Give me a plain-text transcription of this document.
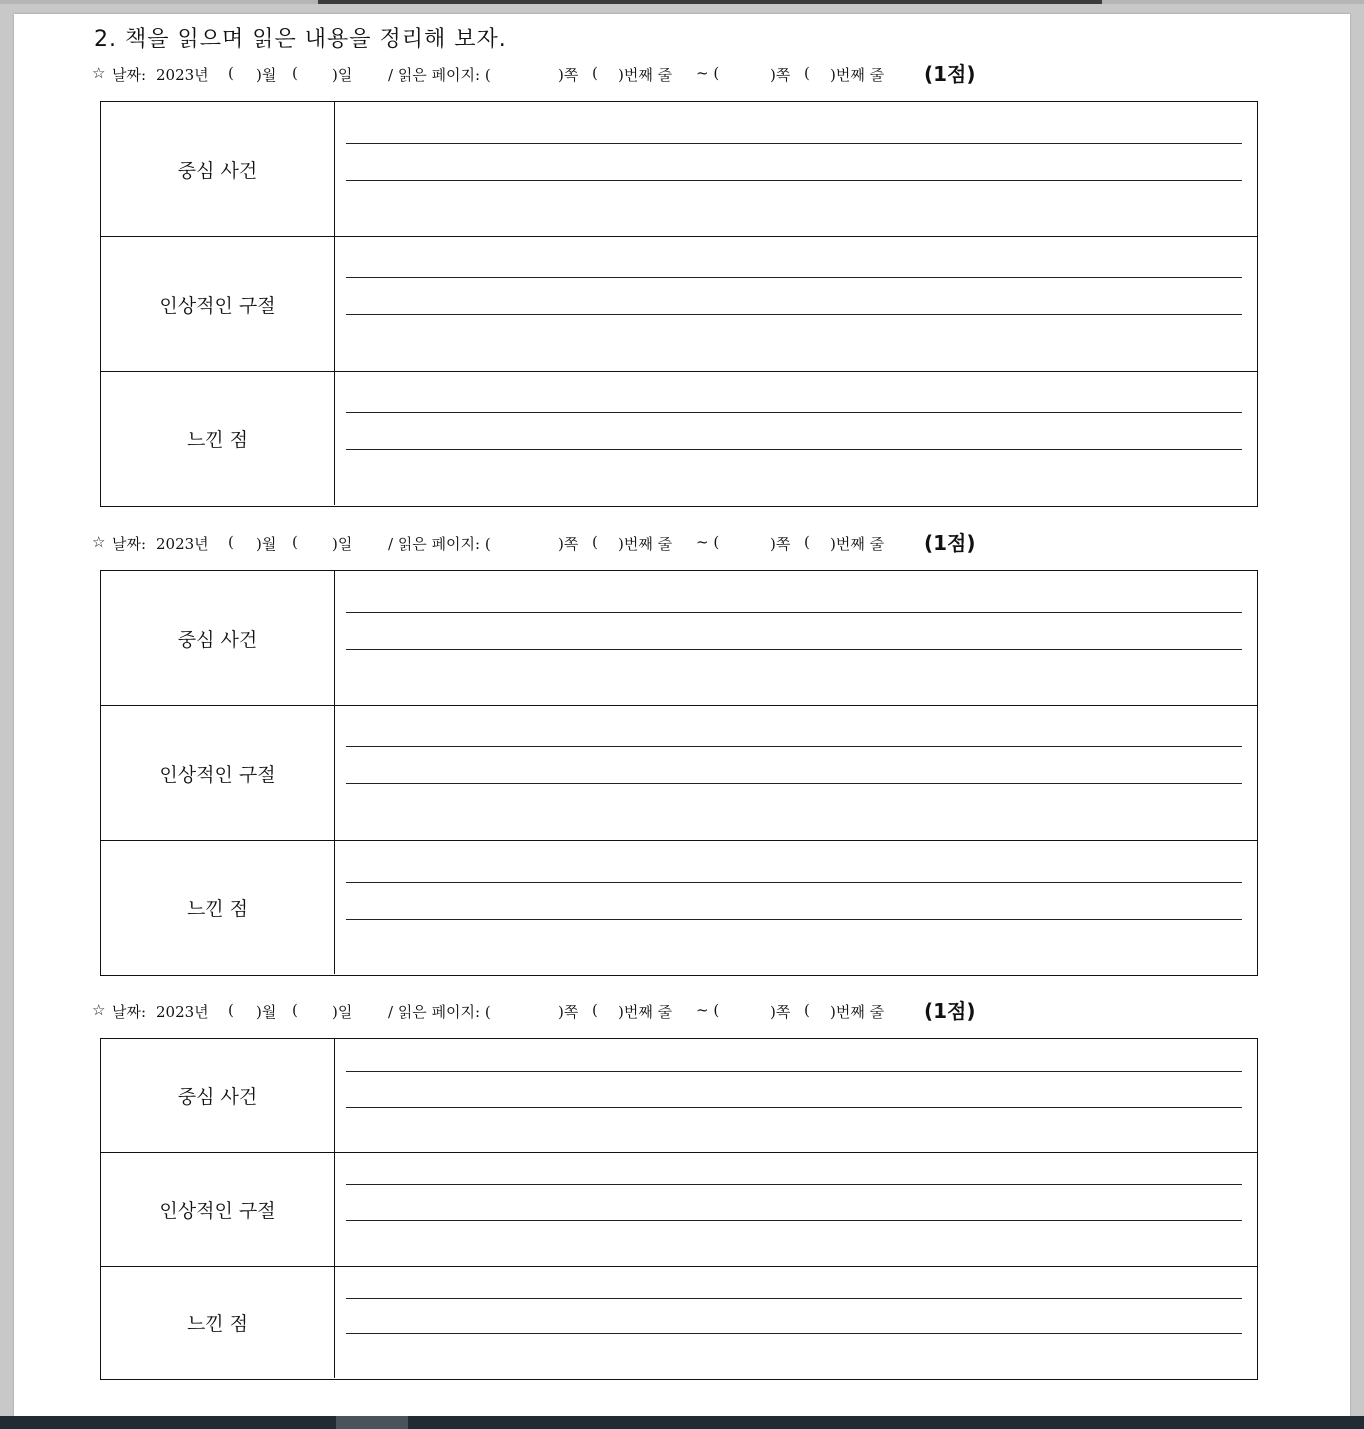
2. 책을 읽으며 읽은 내용을 정리해 보자.
☆ 날짜: 2023년 ( )월 ( )일 / 읽은 페이지: (	)쪽 ( )번째 줄 ~ (	)쪽 ( )번째 줄 (1점)
중심 사건
인상적인 구절
느낀 점
☆ 날짜: 2023년 ( )월 ( )일 / 읽은 페이지: (	)쪽 ( )번째 줄 ~ (	)쪽 ( )번째 줄 (1점)
중심 사건
인상적인 구절
느낀 점
☆ 날짜: 2023년 ( )월 ( )일 / 읽은 페이지: (	)쪽 ( )번째 줄 ~ (	)쪽 ( )번째 줄 (1점)
중심 사건
인상적인 구절
느낀 점
